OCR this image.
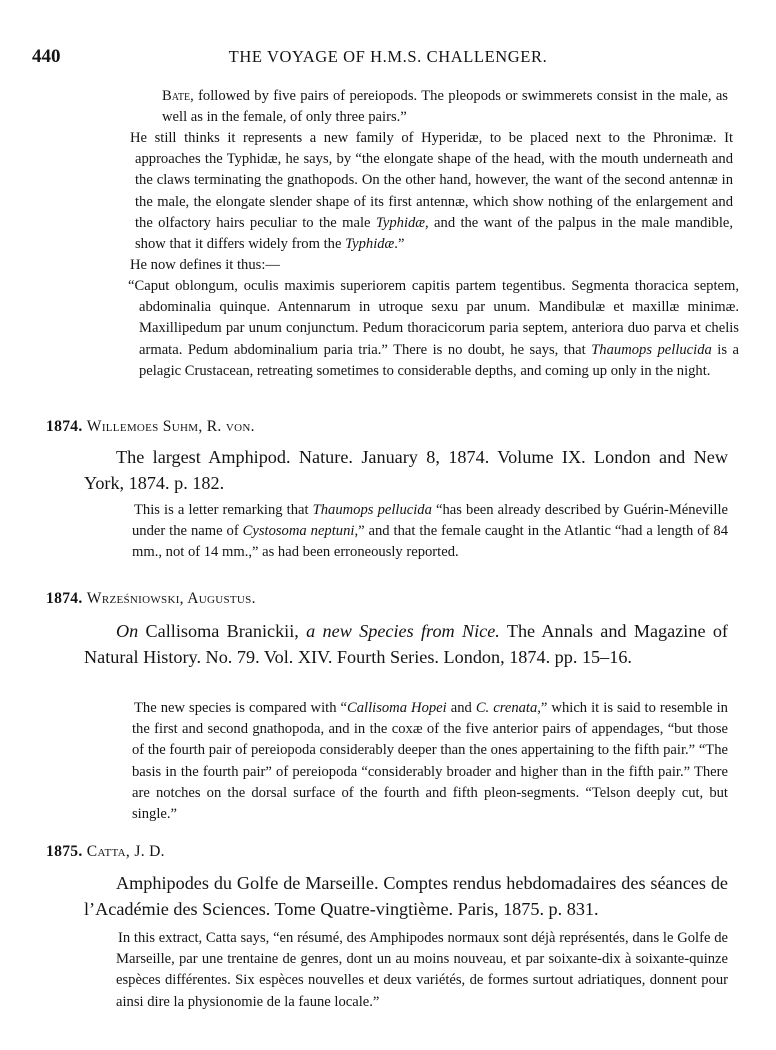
440	THE VOYAGE OF H.M.S. CHALLENGER.

Bate, followed by five pairs of pereiopods. The pleopods or swimmerets consist in the male, as well as in the female, of only three pairs.”

He still thinks it represents a new family of Hyperidæ, to be placed next to the Phronimæ. It approaches the Typhidæ, he says, by “the elongate shape of the head, with the mouth underneath and the claws terminating the gnathopods. On the other hand, however, the want of the second antennæ in the male, the elongate slender shape of its first antennæ, which show nothing of the enlargement and the olfactory hairs peculiar to the male Typhidæ, and the want of the palpus in the male mandible, show that it differs widely from the Typhidæ.”

He now defines it thus:—

“Caput oblongum, oculis maximis superiorem capitis partem tegentibus. Segmenta thoracica septem, abdominalia quinque. Antennarum in utroque sexu par unum. Mandibulæ et maxillæ minimæ. Maxillipedum par unum conjunctum. Pedum thoracicorum paria septem, anteriora duo parva et chelis armata. Pedum abdominalium paria tria.” There is no doubt, he says, that Thaumops pellucida is a pelagic Crustacean, retreating sometimes to considerable depths, and coming up only in the night.

1874. Willemoes Suhm, R. von.

The largest Amphipod. Nature. January 8, 1874. Volume IX. London and New York, 1874. p. 182.

This is a letter remarking that Thaumops pellucida “has been already described by Guérin-Méneville under the name of Cystosoma neptuni,” and that the female caught in the Atlantic “had a length of 84 mm., not of 14 mm.,” as had been erroneously reported.

1874. Wrześniowski, Augustus.

On Callisoma Branickii, a new Species from Nice. The Annals and Magazine of Natural History. No. 79. Vol. XIV. Fourth Series. London, 1874. pp. 15–16.

The new species is compared with “Callisoma Hopei and C. crenata,” which it is said to resemble in the first and second gnathopoda, and in the coxæ of the five anterior pairs of appendages, “but those of the fourth pair of pereiopoda considerably deeper than the ones appertaining to the fifth pair.” “The basis in the fourth pair” of pereiopoda “considerably broader and higher than in the fifth pair.” There are notches on the dorsal surface of the fourth and fifth pleon-segments. “Telson deeply cut, but single.”

1875. Catta, J. D.

Amphipodes du Golfe de Marseille. Comptes rendus hebdomadaires des séances de l’Académie des Sciences. Tome Quatre-vingtième. Paris, 1875. p. 831.

In this extract, Catta says, “en résumé, des Amphipodes normaux sont déjà représentés, dans le Golfe de Marseille, par une trentaine de genres, dont un au moins nouveau, et par soixante-dix à soixante-quinze espèces différentes. Six espèces nouvelles et deux variétés, de formes surtout adriatiques, donnent pour ainsi dire la physionomie de la faune locale.”
